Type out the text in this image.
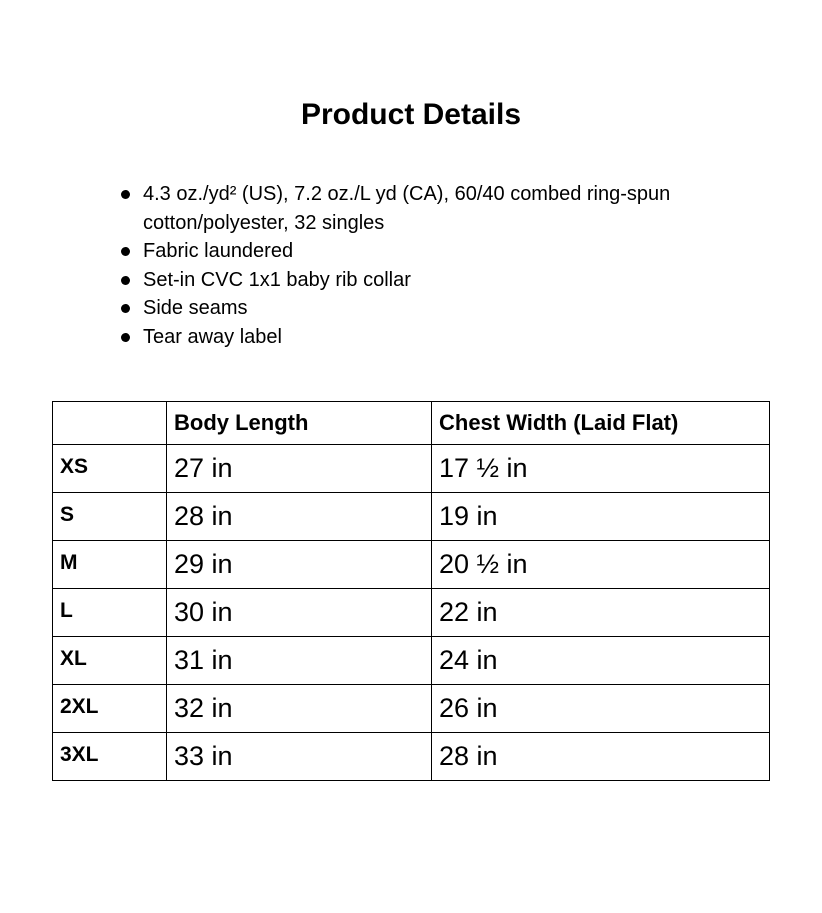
Product Details
4.3 oz./yd² (US), 7.2 oz./L yd (CA), 60/40 combed ring-spun cotton/polyester, 32 singles
Fabric laundered
Set-in CVC 1x1 baby rib collar
Side seams
Tear away label
	Body Length	Chest Width (Laid Flat)
XS	27 in	17 ½ in
S	28 in	19 in
M	29 in	20 ½ in
L	30 in	22 in
XL	31 in	24 in
2XL	32 in	26 in
3XL	33 in	28 in
